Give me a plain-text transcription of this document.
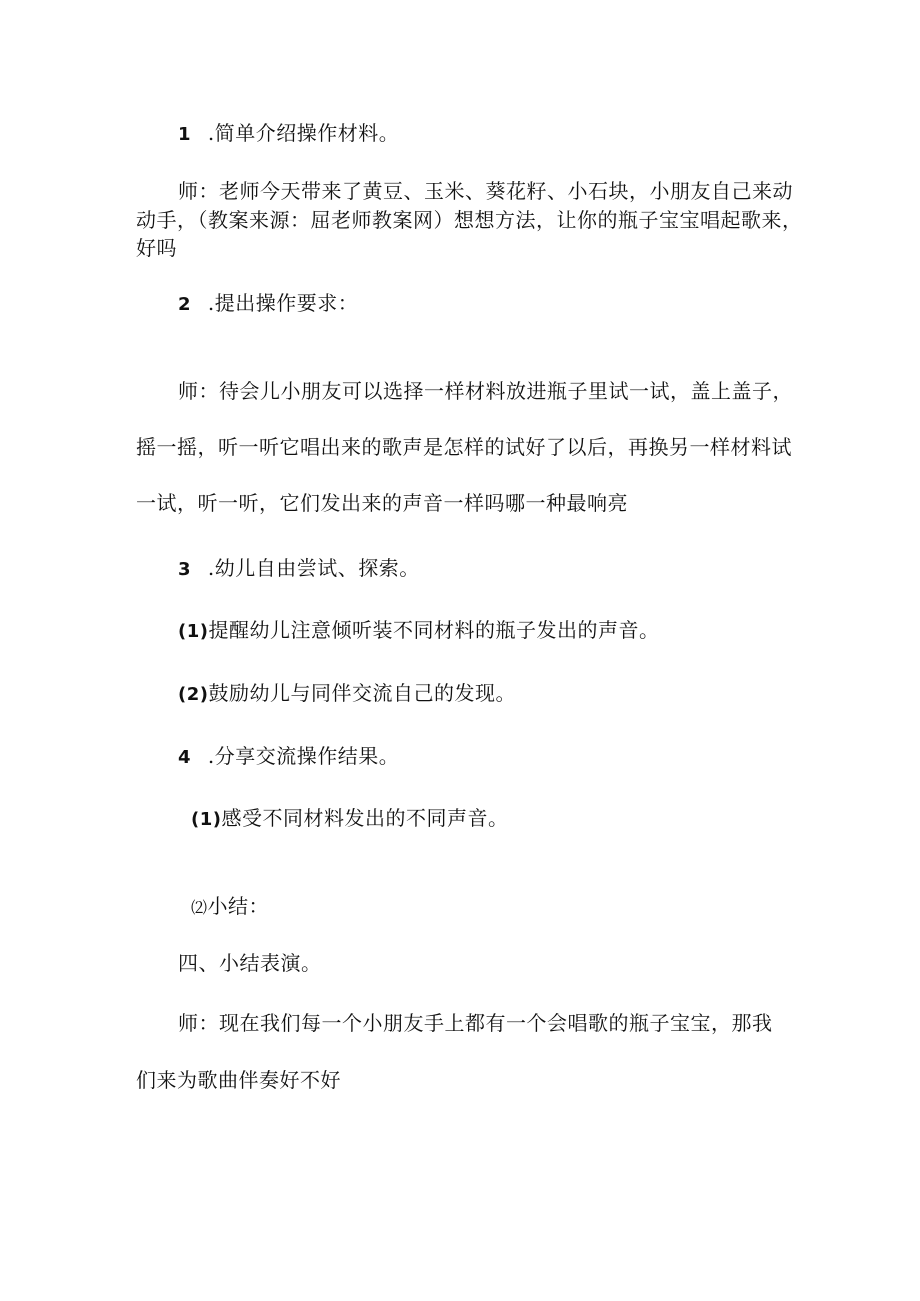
1 .简单介绍操作材料。
师：老师今天带来了黄豆、玉米、葵花籽、小石块，小朋友自己来动
动手，（教案来源：屈老师教案网）想想方法，让你的瓶子宝宝唱起歌来，
好吗
2 .提出操作要求：
师：待会儿小朋友可以选择一样材料放进瓶子里试一试，盖上盖子，
摇一摇，听一听它唱出来的歌声是怎样的试好了以后，再换另一样材料试
一试，听一听，它们发出来的声音一样吗哪一种最响亮
3 .幼儿自由尝试、探索。
(1)提醒幼儿注意倾听装不同材料的瓶子发出的声音。
(2)鼓励幼儿与同伴交流自己的发现。
4 .分享交流操作结果。
(1)感受不同材料发出的不同声音。
⑵小结：
四、小结表演。
师：现在我们每一个小朋友手上都有一个会唱歌的瓶子宝宝，那我
们来为歌曲伴奏好不好
